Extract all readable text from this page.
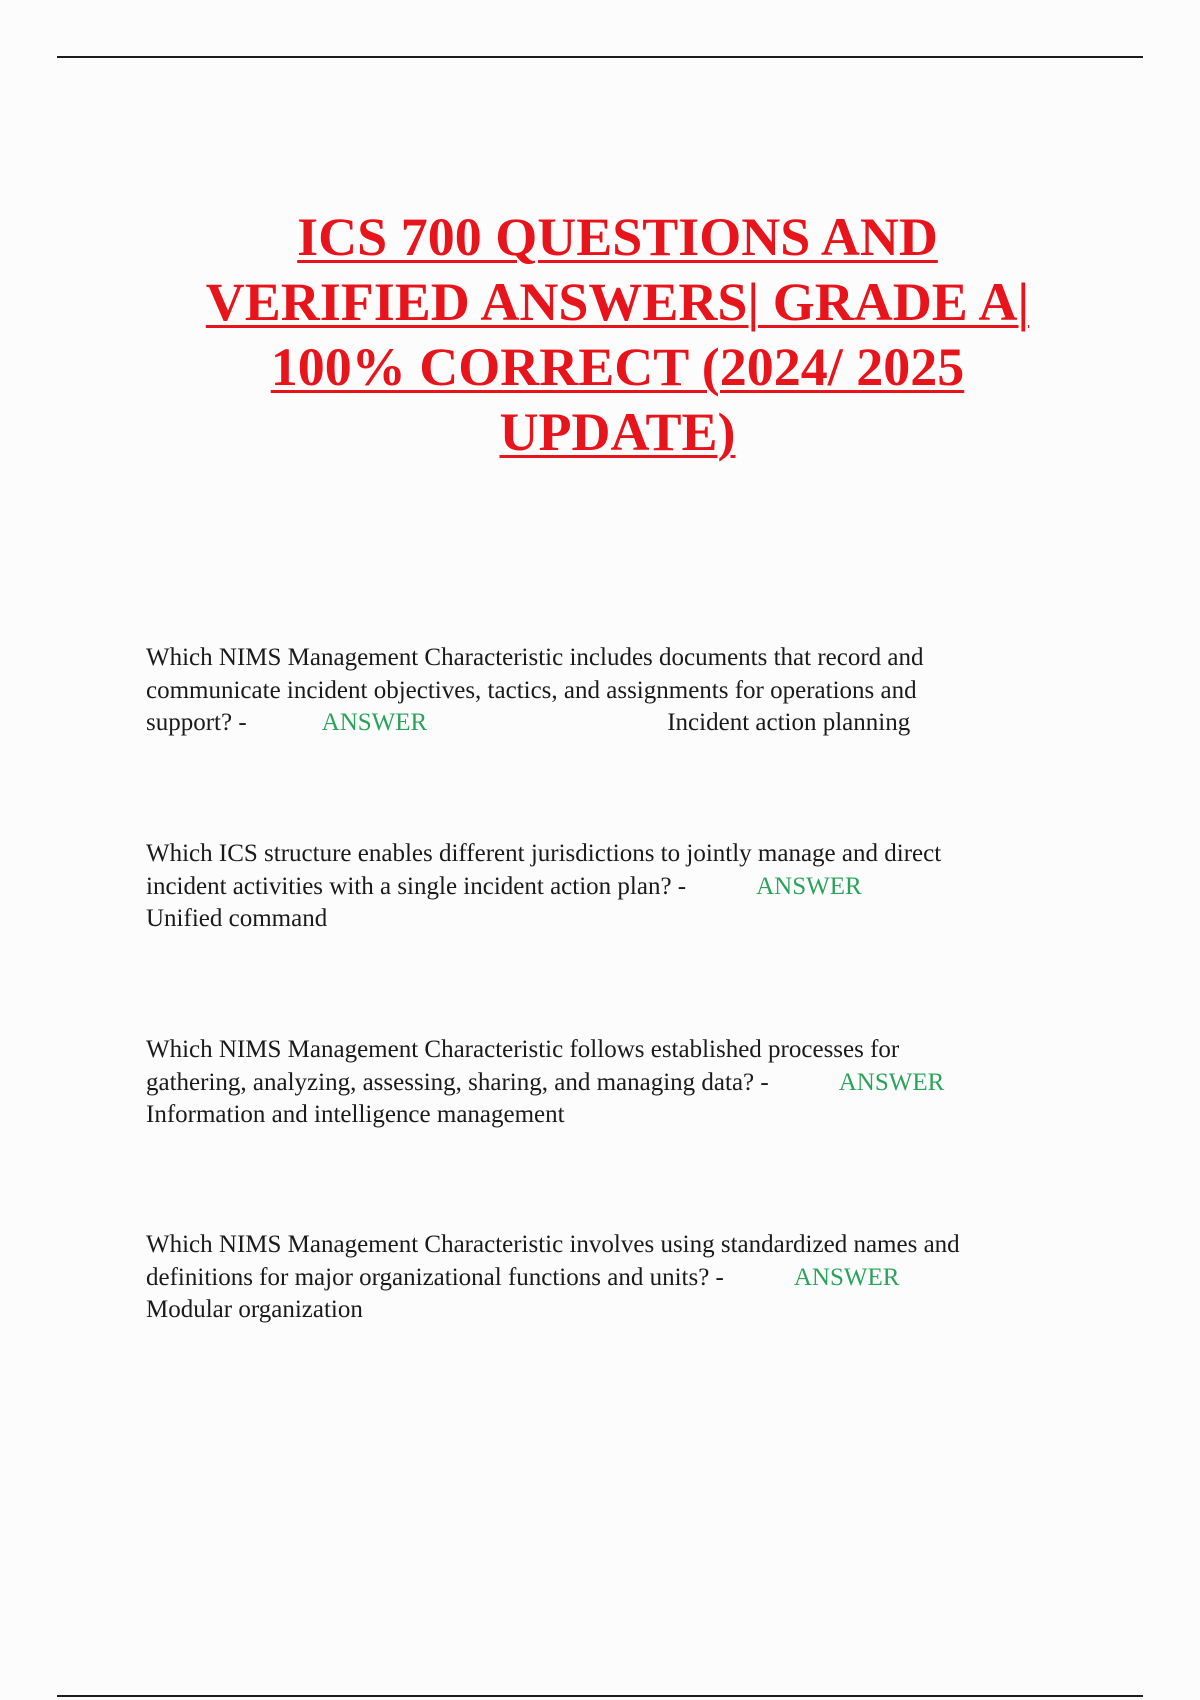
ICS 700 QUESTIONS AND
VERIFIED ANSWERS| GRADE A|
100% CORRECT (2024/ 2025
UPDATE)
Which NIMS Management Characteristic includes documents that record and
communicate incident objectives, tactics, and assignments for operations and
support? -	ANSWER	Incident action planning
Which ICS structure enables different jurisdictions to jointly manage and direct
incident activities with a single incident action plan? -	ANSWER
Unified command
Which NIMS Management Characteristic follows established processes for
gathering, analyzing, assessing, sharing, and managing data? -	ANSWER
Information and intelligence management
Which NIMS Management Characteristic involves using standardized names and
definitions for major organizational functions and units? -	ANSWER
Modular organization
